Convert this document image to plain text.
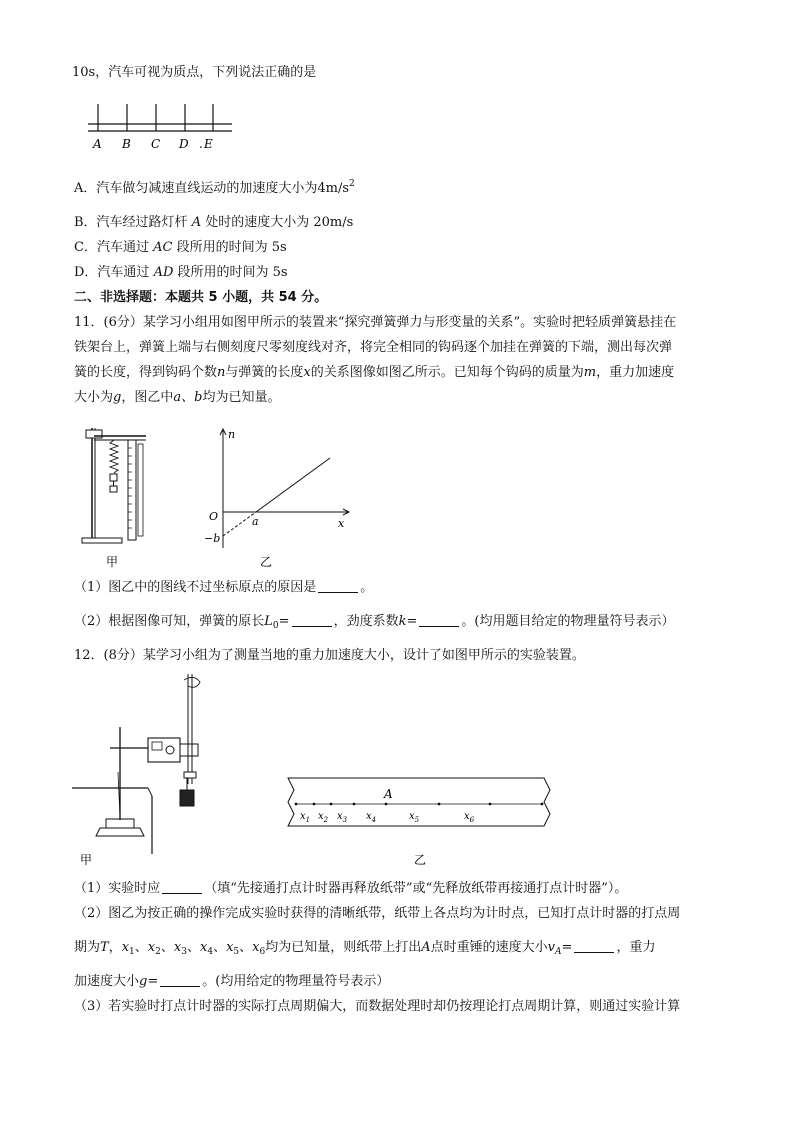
10s，汽车可视为质点，下列说法正确的是
A B C D . E
A．汽车做匀减速直线运动的加速度大小为$4m/s^2$
B．汽车经过路灯杆 A 处时的速度大小为 20m/s
C．汽车通过 AC 段所用的时间为 5s
D．汽车通过 AD 段所用的时间为 5s
二、非选择题：本题共 5 小题，共 54 分。
11．(6分）某学习小组用如图甲所示的装置来“探究弹簧弹力与形变量的关系”。实验时把轻质弹簧悬挂在
铁架台上，弹簧上端与右侧刻度尺零刻度线对齐，将完全相同的钩码逐个加挂在弹簧的下端，测出每次弹
簧的长度，得到钩码个数n与弹簧的长度x的关系图像如图乙所示。已知每个钩码的质量为m，重力加速度
大小为g，图乙中a、b均为已知量。
甲
n
x
O	a
−b
乙
（1）图乙中的图线不过坐标原点的原因是	。
（2）根据图像可知，弹簧的原长$L_0=$	，劲度系数k=	。(均用题目给定的物理量符号表示）
12．(8分）某学习小组为了测量当地的重力加速度大小，设计了如图甲所示的实验装置。
甲
A
$x_1$ $x_2$ $x_3$ $x_4$	$x_5$	$x_6$
乙
（1）实验时应	（填“先接通打点计时器再释放纸带”或“先释放纸带再接通打点计时器”）。
（2）图乙为按正确的操作完成实验时获得的清晰纸带，纸带上各点均为计时点，已知打点计时器的打点周
期为T，$x_1$、$x_2$、$x_3$、$x_4$、$x_5$、$x_6$均为已知量，则纸带上打出A点时重锤的速度大小$v_A=$	，重力
加速度大小g=	。(均用给定的物理量符号表示）
（3）若实验时打点计时器的实际打点周期偏大，而数据处理时却仍按理论打点周期计算，则通过实验计算
